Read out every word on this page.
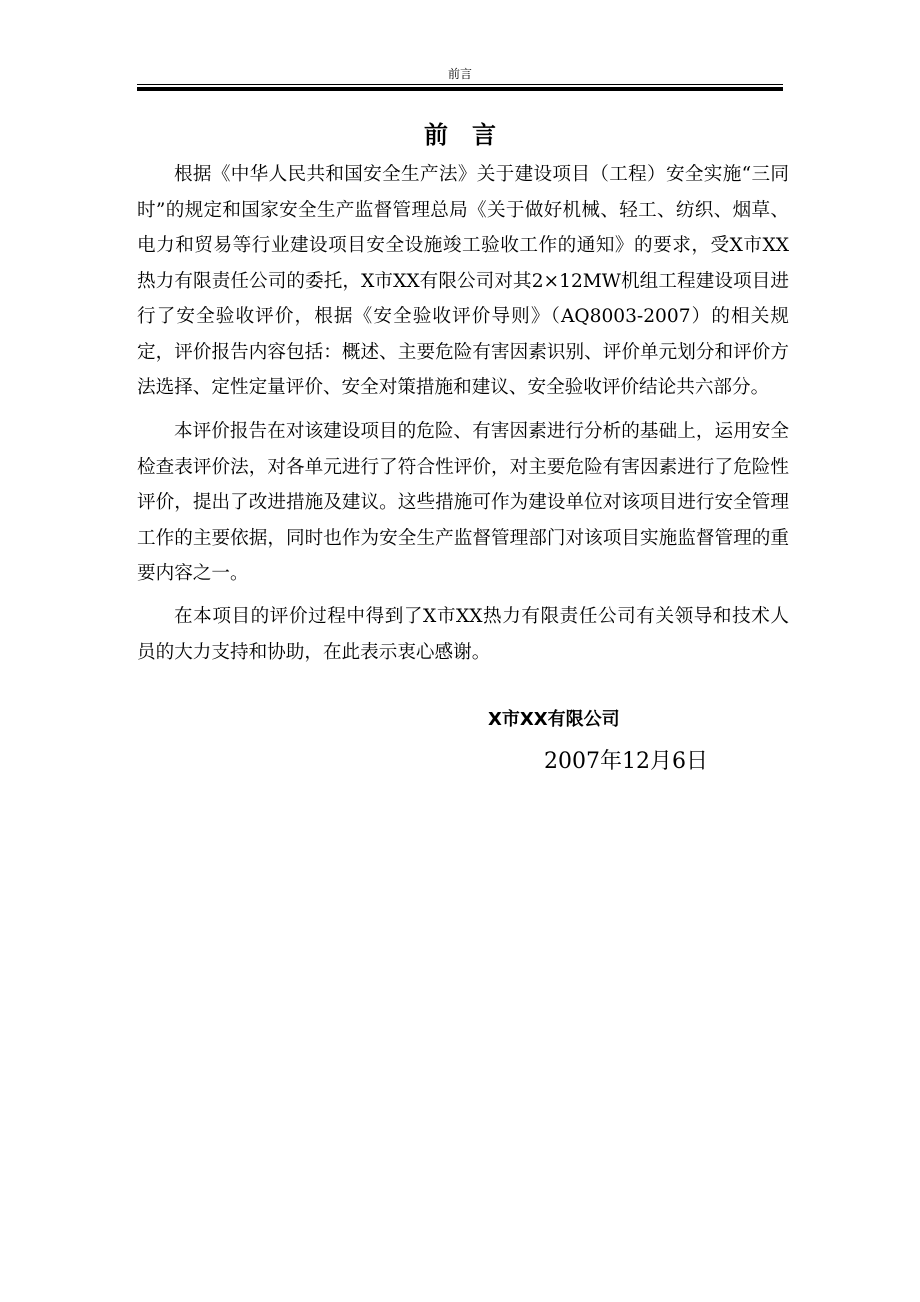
前言
前言

根据《中华人民共和国安全生产法》关于建设项目（工程）安全实施“三同时”的规定和国家安全生产监督管理总局《关于做好机械、轻工、纺织、烟草、电力和贸易等行业建设项目安全设施竣工验收工作的通知》的要求，受X市XX热力有限责任公司的委托，X市XX有限公司对其2×12MW机组工程建设项目进行了安全验收评价，根据《安全验收评价导则》（AQ8003-2007）的相关规定，评价报告内容包括：概述、主要危险有害因素识别、评价单元划分和评价方法选择、定性定量评价、安全对策措施和建议、安全验收评价结论共六部分。

本评价报告在对该建设项目的危险、有害因素进行分析的基础上，运用安全检查表评价法，对各单元进行了符合性评价，对主要危险有害因素进行了危险性评价，提出了改进措施及建议。这些措施可作为建设单位对该项目进行安全管理工作的主要依据，同时也作为安全生产监督管理部门对该项目实施监督管理的重要内容之一。

在本项目的评价过程中得到了X市XX热力有限责任公司有关领导和技术人员的大力支持和协助，在此表示衷心感谢。

X市XX有限公司
2007年12月6日
